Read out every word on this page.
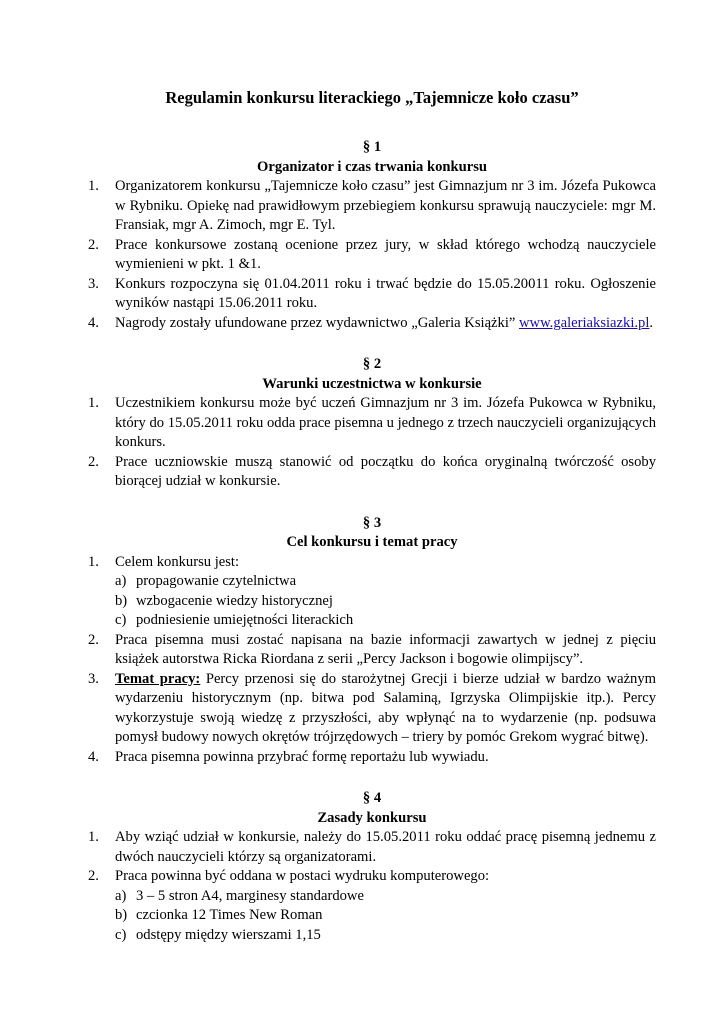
Regulamin konkursu literackiego „Tajemnicze koło czasu”
§ 1
Organizator i czas trwania konkursu
1. Organizatorem konkursu „Tajemnicze koło czasu” jest Gimnazjum nr 3 im. Józefa Pukowca w Rybniku. Opiekę nad prawidłowym przebiegiem konkursu sprawują nauczyciele: mgr M. Fransiak, mgr A. Zimoch, mgr E. Tyl.
2. Prace konkursowe zostaną ocenione przez jury, w skład którego wchodzą nauczyciele wymienieni w pkt. 1 &1.
3. Konkurs rozpoczyna się 01.04.2011 roku i trwać będzie do 15.05.20011 roku. Ogłoszenie wyników nastąpi 15.06.2011 roku.
4. Nagrody zostały ufundowane przez wydawnictwo „Galeria Książki” www.galeriaksiazki.pl.
§ 2
Warunki uczestnictwa w konkursie
1. Uczestnikiem konkursu może być uczeń Gimnazjum nr 3 im. Józefa Pukowca w Rybniku, który do 15.05.2011 roku odda prace pisemna u jednego z trzech nauczycieli organizujących konkurs.
2. Prace uczniowskie muszą stanowić od początku do końca oryginalną twórczość osoby biorącej udział w konkursie.
§ 3
Cel konkursu i temat pracy
1. Celem konkursu jest:
a) propagowanie czytelnictwa
b) wzbogacenie wiedzy historycznej
c) podniesienie umiejętności literackich
2. Praca pisemna musi zostać napisana na bazie informacji zawartych w jednej z pięciu książek autorstwa Ricka Riordana z serii „Percy Jackson i bogowie olimpijscy”.
3. Temat pracy: Percy przenosi się do starożytnej Grecji i bierze udział w bardzo ważnym wydarzeniu historycznym (np. bitwa pod Salaminą, Igrzyska Olimpijskie itp.). Percy wykorzystuje swoją wiedzę z przyszłości, aby wpłynąć na to wydarzenie (np. podsuwa pomysł budowy nowych okrętów trójrzędowych – triery by pomóc Grekom wygrać bitwę).
4. Praca pisemna powinna przybrać formę reportażu lub wywiadu.
§ 4
Zasady konkursu
1. Aby wziąć udział w konkursie, należy do 15.05.2011 roku oddać pracę pisemną jednemu z dwóch nauczycieli którzy są organizatorami.
2. Praca powinna być oddana w postaci wydruku komputerowego:
a) 3 – 5 stron A4, marginesy standardowe
b) czcionka 12 Times New Roman
c) odstępy między wierszami 1,15
